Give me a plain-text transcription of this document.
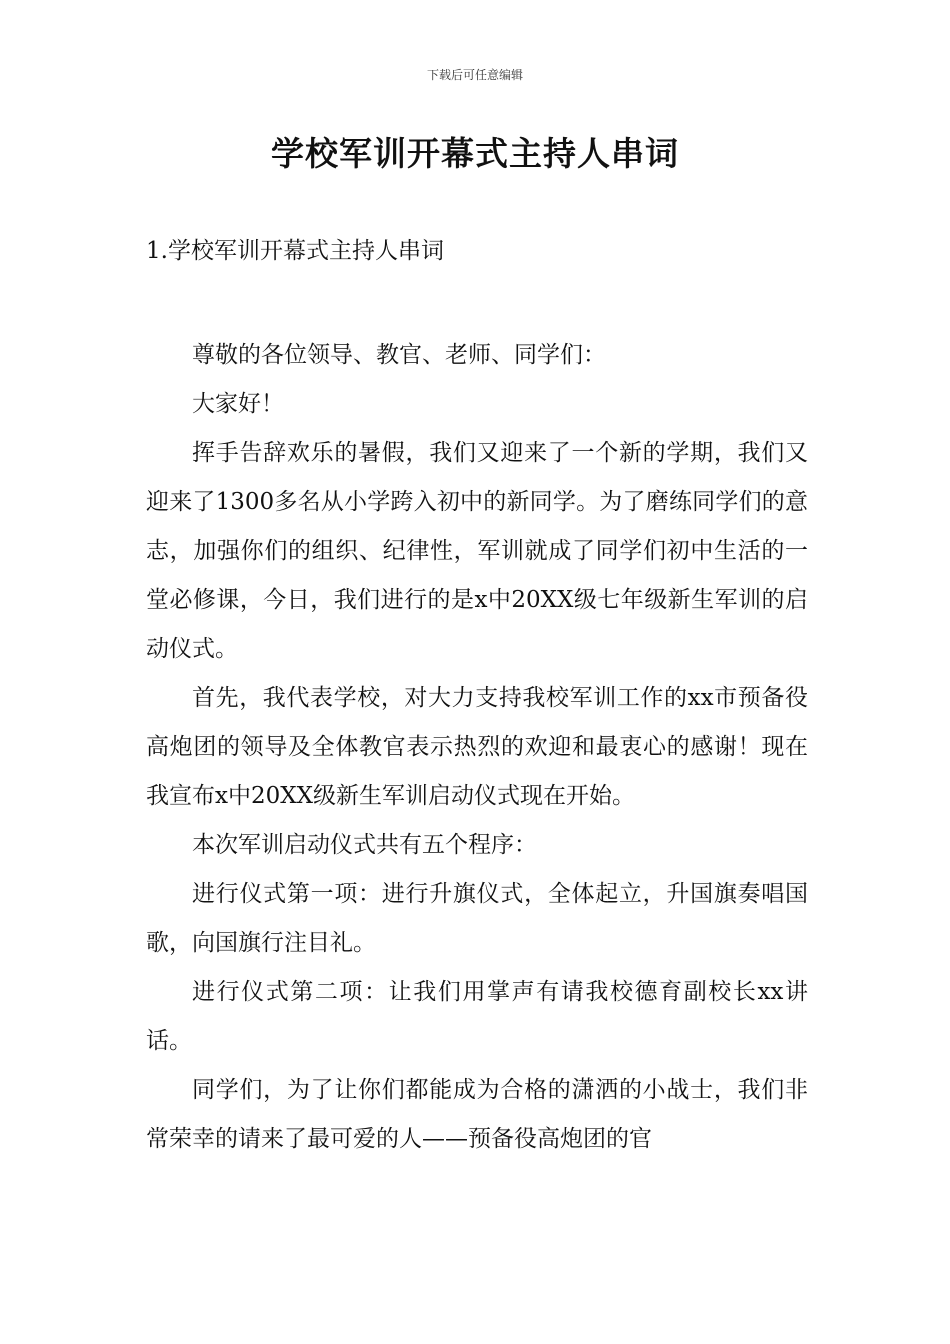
下载后可任意编辑
学校军训开幕式主持人串词
1.学校军训开幕式主持人串词

尊敬的各位领导、教官、老师、同学们：

大家好！

挥手告辞欢乐的暑假，我们又迎来了一个新的学期，我们又迎来了1300多名从小学跨入初中的新同学。为了磨练同学们的意志，加强你们的组织、纪律性，军训就成了同学们初中生活的一堂必修课，今日，我们进行的是x中20XX级七年级新生军训的启动仪式。

首先，我代表学校，对大力支持我校军训工作的xx市预备役高炮团的领导及全体教官表示热烈的欢迎和最衷心的感谢！现在我宣布x中20XX级新生军训启动仪式现在开始。

本次军训启动仪式共有五个程序：

进行仪式第一项：进行升旗仪式，全体起立，升国旗奏唱国歌，向国旗行注目礼。

进行仪式第二项：让我们用掌声有请我校德育副校长xx讲话。

同学们，为了让你们都能成为合格的潇洒的小战士，我们非常荣幸的请来了最可爱的人——预备役高炮团的官
